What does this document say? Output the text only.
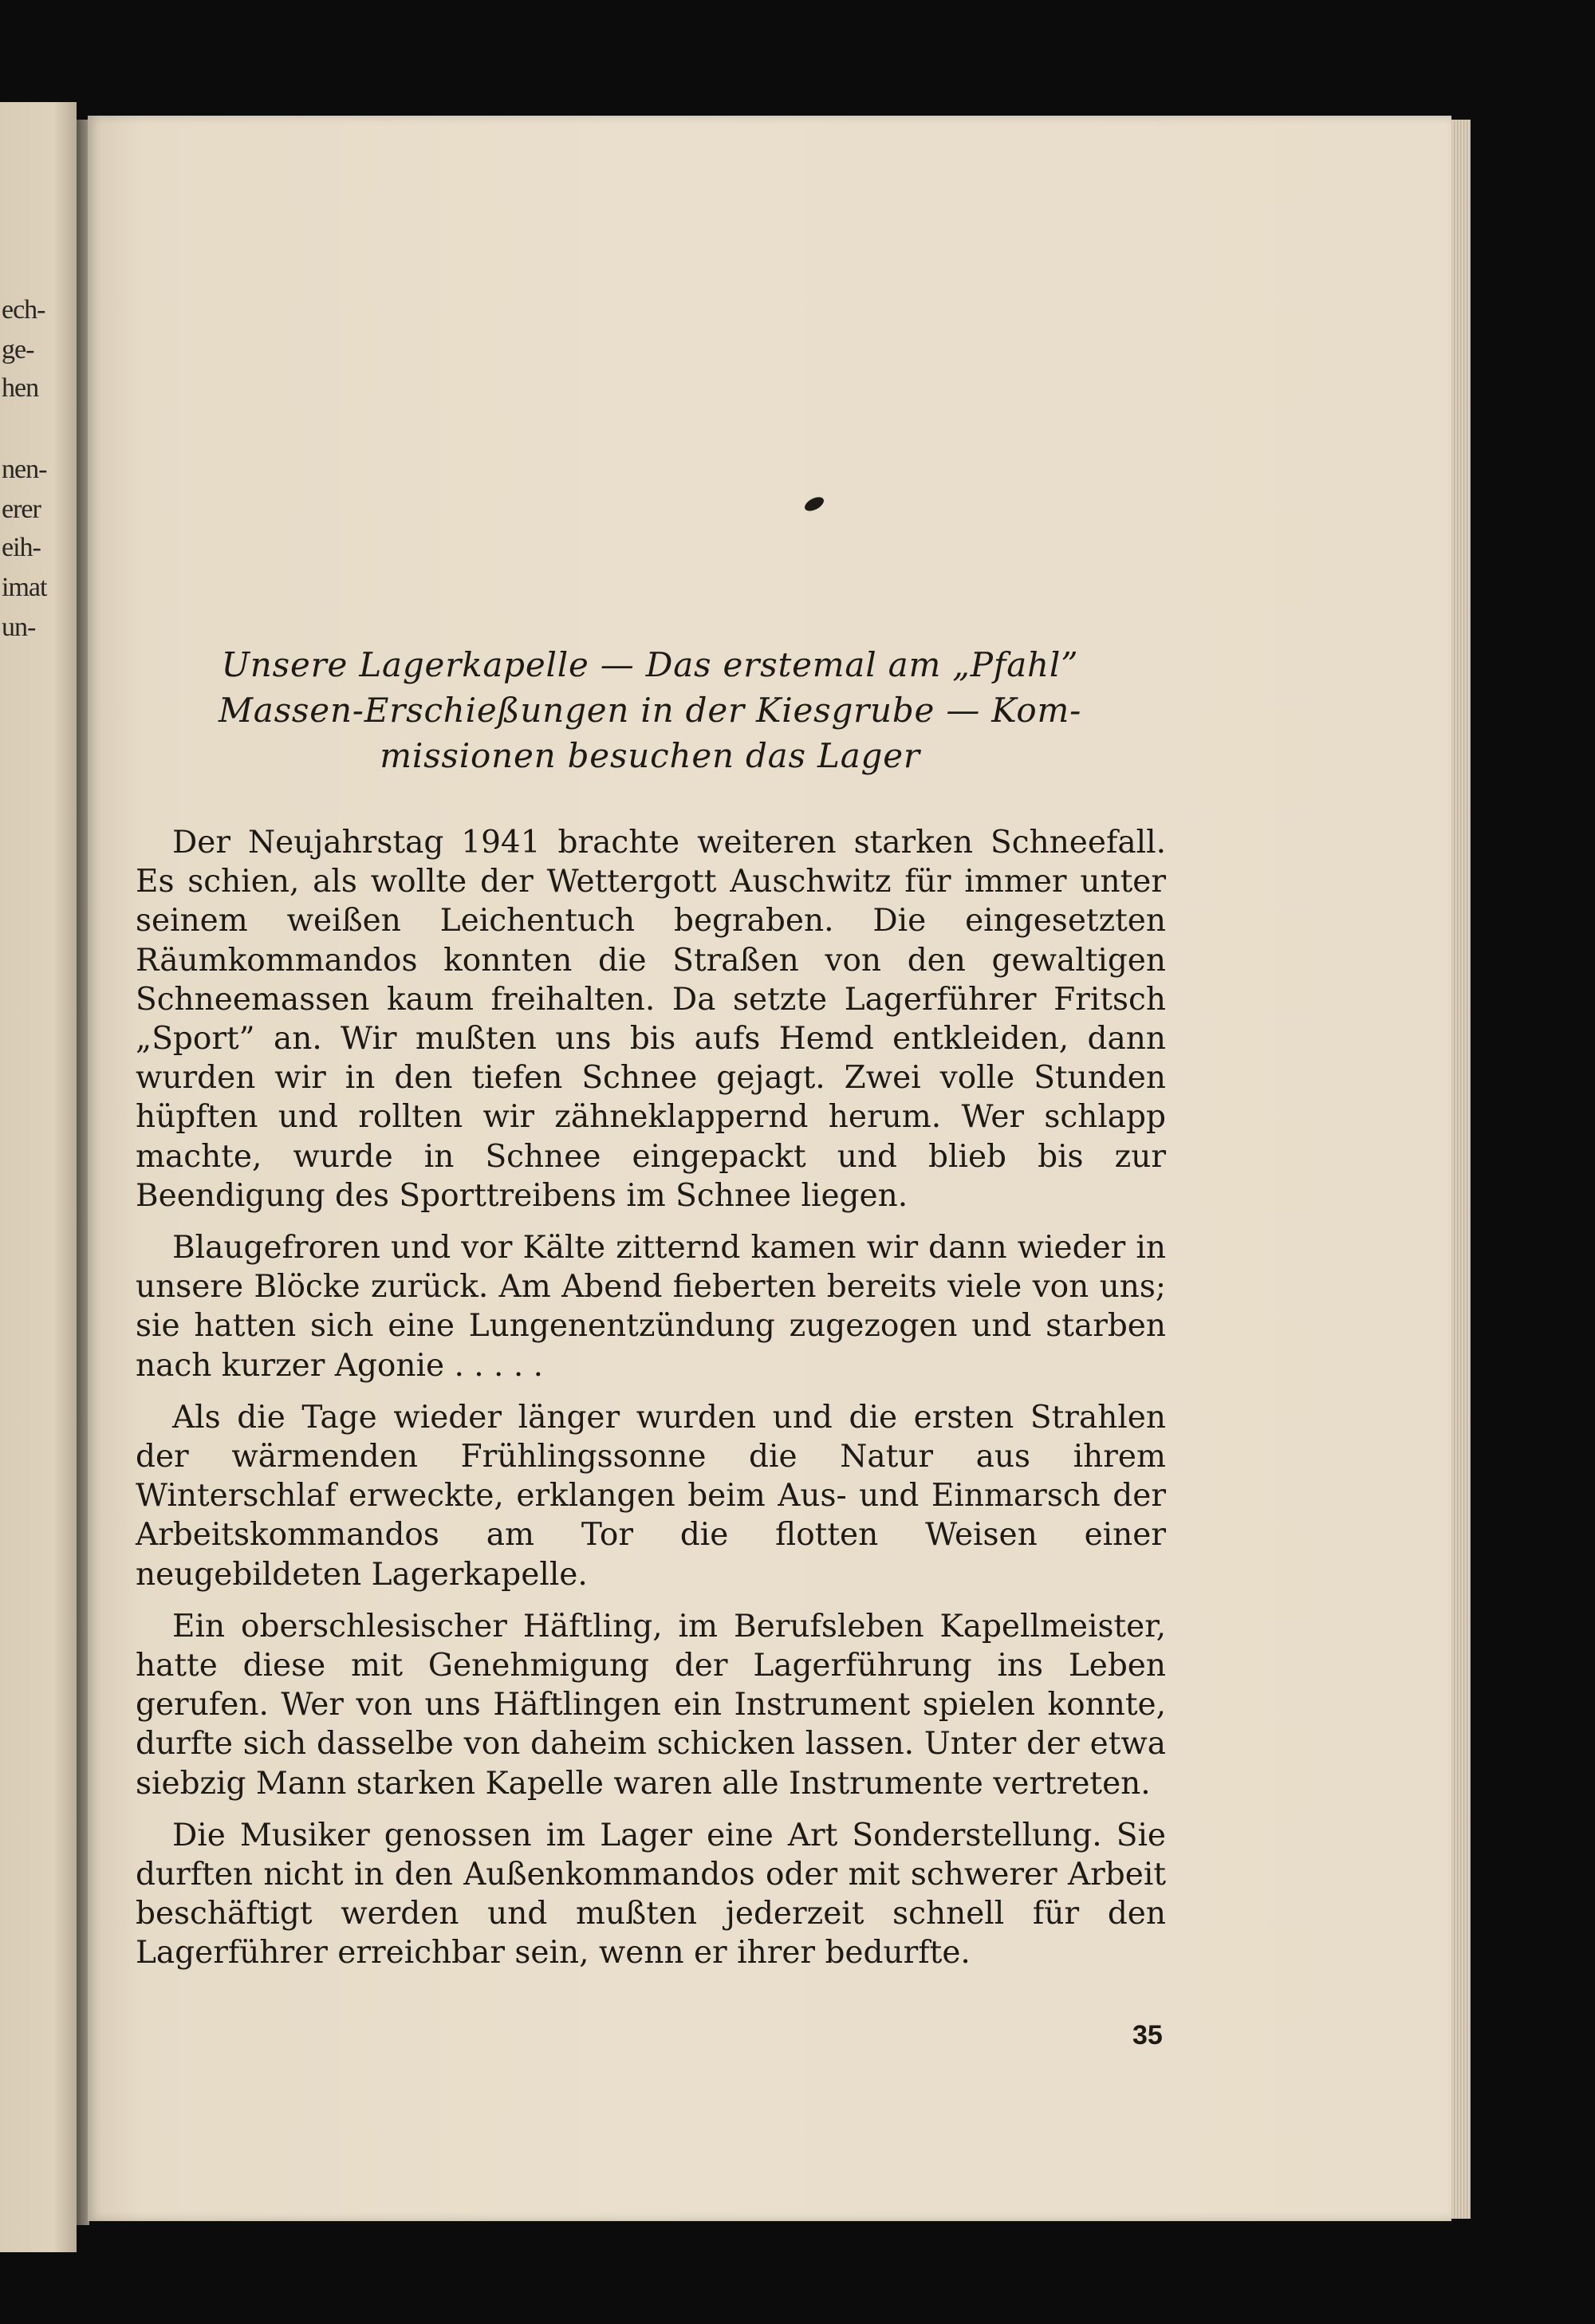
ech-
ge-
hen
nen-
erer
eih-
imat
un-
Unsere Lagerkapelle — Das erstemal am „Pfahl”
Massen-Erschießungen in der Kiesgrube — Kom-
missionen besuchen das Lager

Der Neujahrstag 1941 brachte weiteren starken Schneefall. Es schien, als wollte der Wettergott Auschwitz für immer unter seinem weißen Leichentuch begraben. Die eingesetzten Räumkommandos konnten die Straßen von den gewaltigen Schneemassen kaum freihalten. Da setzte Lagerführer Fritsch „Sport” an. Wir mußten uns bis aufs Hemd entkleiden, dann wurden wir in den tiefen Schnee gejagt. Zwei volle Stunden hüpften und rollten wir zähneklappernd herum. Wer schlapp machte, wurde in Schnee eingepackt und blieb bis zur Beendigung des Sporttreibens im Schnee liegen.

Blaugefroren und vor Kälte zitternd kamen wir dann wieder in unsere Blöcke zurück. Am Abend fieberten bereits viele von uns; sie hatten sich eine Lungenentzündung zugezogen und starben nach kurzer Agonie . . . . .

Als die Tage wieder länger wurden und die ersten Strahlen der wärmenden Frühlingssonne die Natur aus ihrem Winterschlaf erweckte, erklangen beim Aus- und Einmarsch der Arbeitskommandos am Tor die flotten Weisen einer neugebildeten Lagerkapelle.

Ein oberschlesischer Häftling, im Berufsleben Kapellmeister, hatte diese mit Genehmigung der Lagerführung ins Leben gerufen. Wer von uns Häftlingen ein Instrument spielen konnte, durfte sich dasselbe von daheim schicken lassen. Unter der etwa siebzig Mann starken Kapelle waren alle Instrumente vertreten.

Die Musiker genossen im Lager eine Art Sonderstellung. Sie durften nicht in den Außenkommandos oder mit schwerer Arbeit beschäftigt werden und mußten jederzeit schnell für den Lagerführer erreichbar sein, wenn er ihrer bedurfte.

35
